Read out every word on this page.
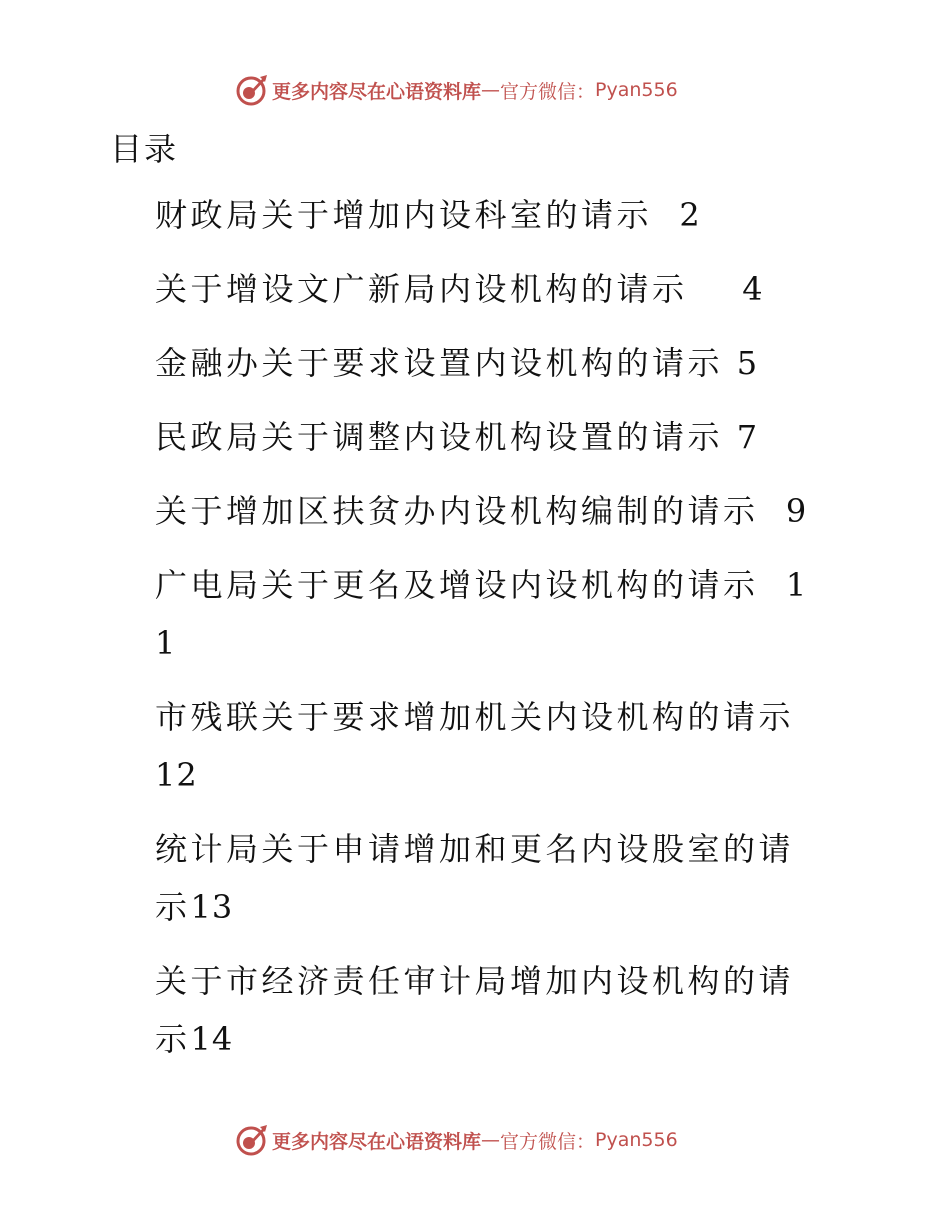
更多内容尽在心语资料库 — 官方微信： Pyan556
目录
财政局关于增加内设科室的请示 2
关于增设文广新局内设机构的请示 4
金融办关于要求设置内设机构的请示 5
民政局关于调整内设机构设置的请示 7
关于增加区扶贫办内设机构编制的请示 9
广电局关于更名及增设内设机构的请示 11
市残联关于要求增加机关内设机构的请示12
统计局关于申请增加和更名内设股室的请示13
关于市经济责任审计局增加内设机构的请示14
更多内容尽在心语资料库 — 官方微信： Pyan556
